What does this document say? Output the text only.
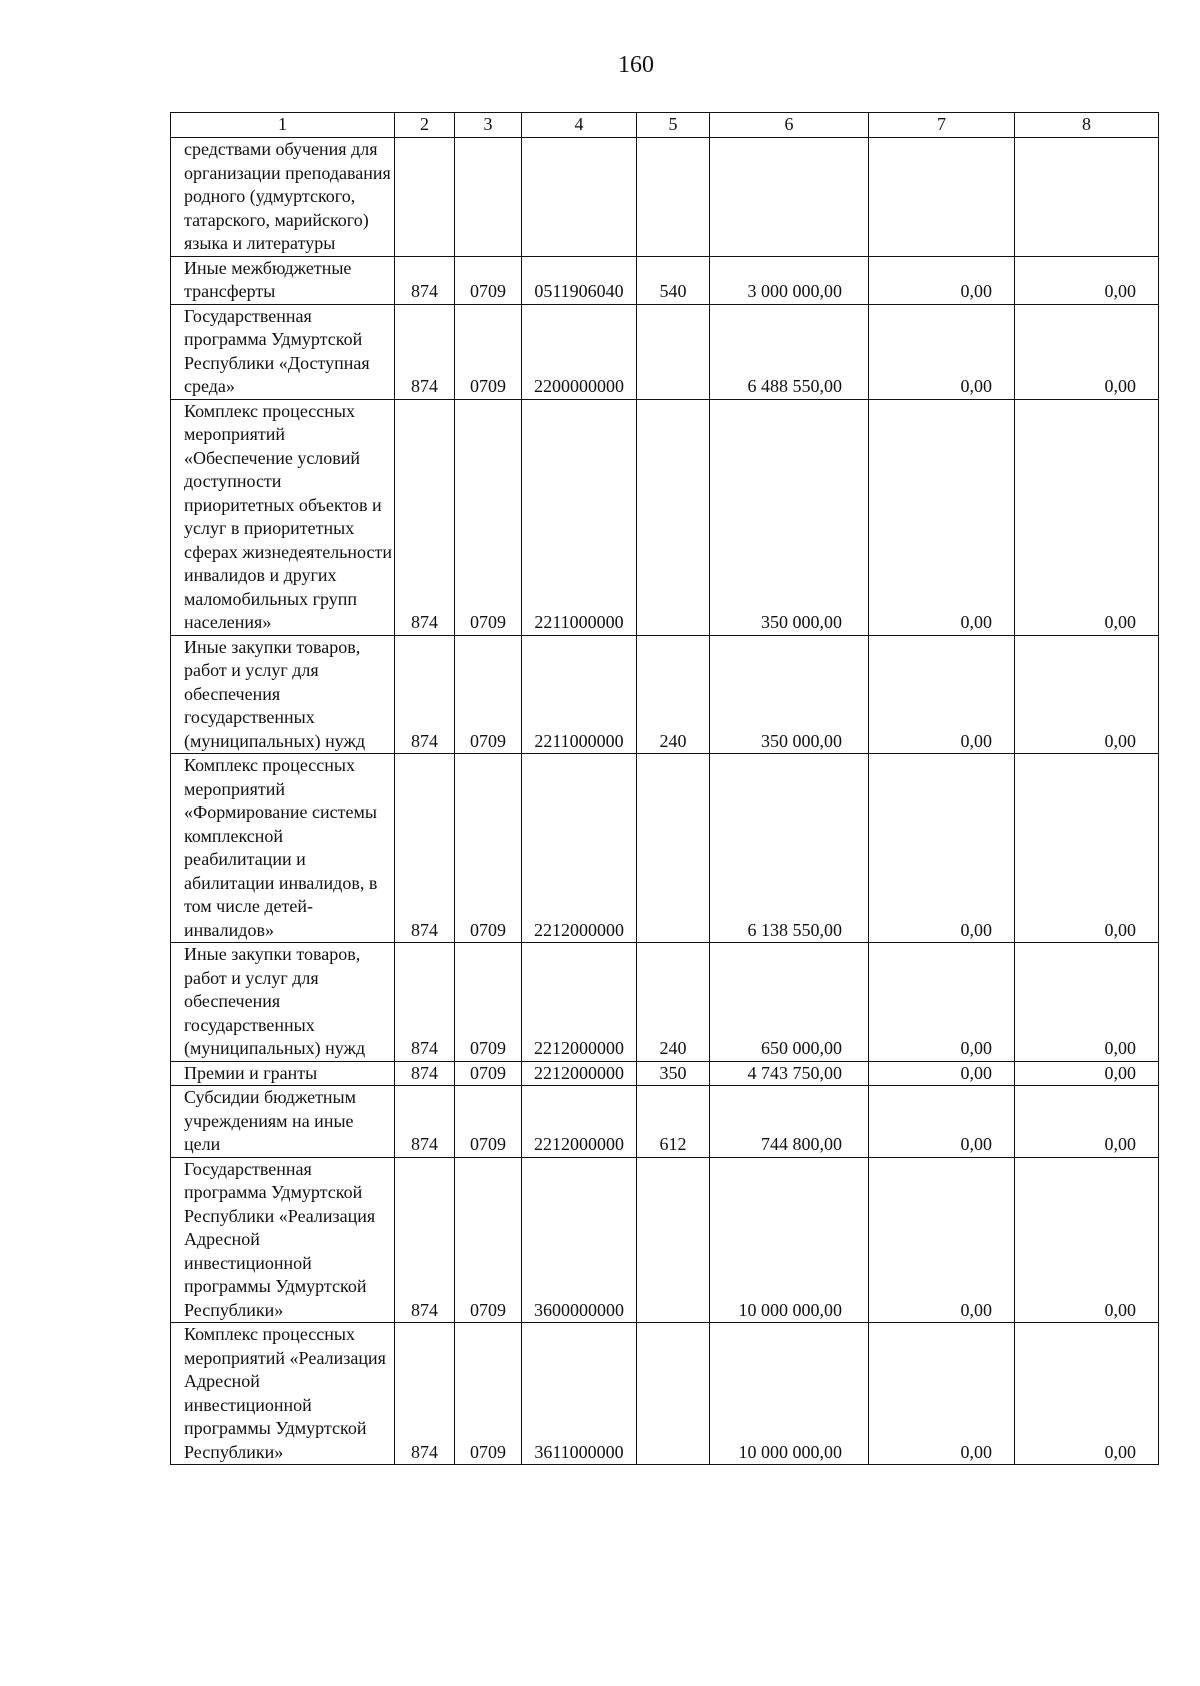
160
1	2	3	4	5	6	7	8
средствами обучения для организации преподавания родного (удмуртского, татарского, марийского) языка и литературы							
Иные межбюджетные трансферты	874	0709	0511906040	540	3 000 000,00	0,00	0,00
Государственная программа Удмуртской Республики «Доступная среда»	874	0709	2200000000		6 488 550,00	0,00	0,00
Комплекс процессных мероприятий «Обеспечение условий доступности приоритетных объектов и услуг в приоритетных сферах жизнедеятельности инвалидов и других маломобильных групп населения»	874	0709	2211000000		350 000,00	0,00	0,00
Иные закупки товаров, работ и услуг для обеспечения государственных (муниципальных) нужд	874	0709	2211000000	240	350 000,00	0,00	0,00
Комплекс процессных мероприятий «Формирование системы комплексной реабилитации и абилитации инвалидов, в том числе детей-инвалидов»	874	0709	2212000000		6 138 550,00	0,00	0,00
Иные закупки товаров, работ и услуг для обеспечения государственных (муниципальных) нужд	874	0709	2212000000	240	650 000,00	0,00	0,00
Премии и гранты	874	0709	2212000000	350	4 743 750,00	0,00	0,00
Субсидии бюджетным учреждениям на иные цели	874	0709	2212000000	612	744 800,00	0,00	0,00
Государственная программа Удмуртской Республики «Реализация Адресной инвестиционной программы Удмуртской Республики»	874	0709	3600000000		10 000 000,00	0,00	0,00
Комплекс процессных мероприятий «Реализация Адресной инвестиционной программы Удмуртской Республики»	874	0709	3611000000		10 000 000,00	0,00	0,00
